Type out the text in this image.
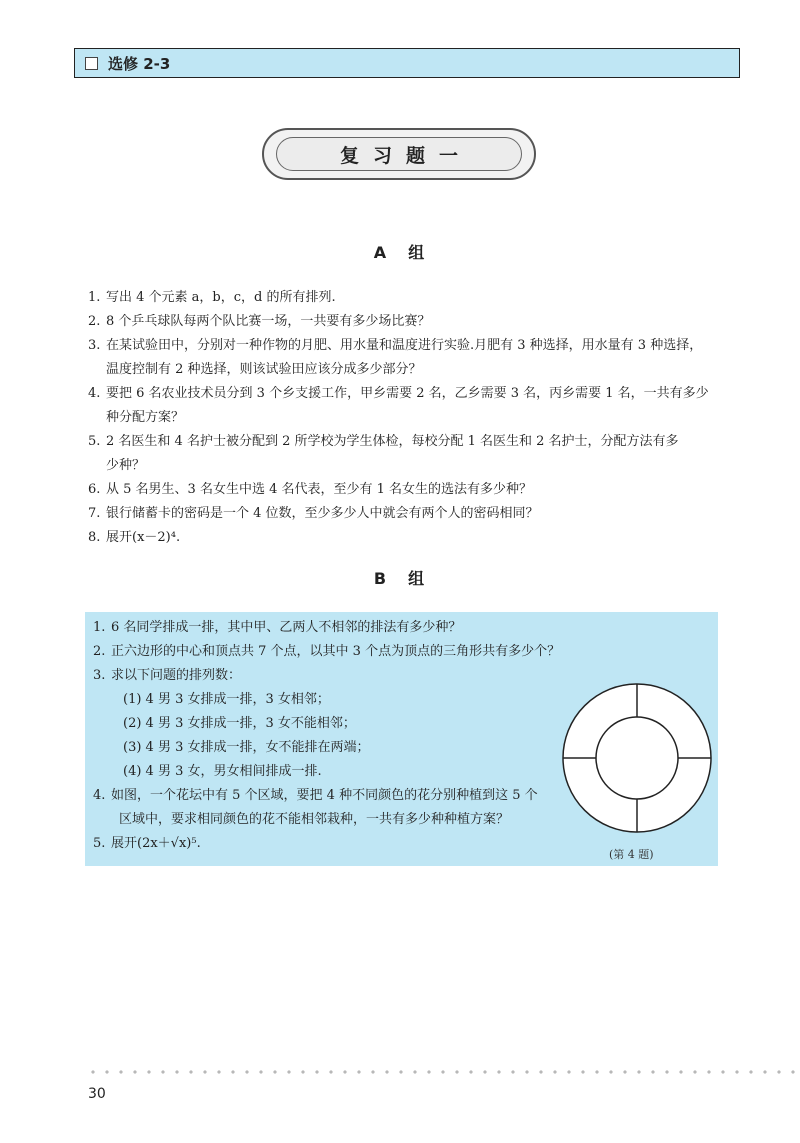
选修 2-3
复习题一
A 组
1. 写出 4 个元素 a，b，c，d 的所有排列.
2. 8 个乒乓球队每两个队比赛一场，一共要有多少场比赛？
3. 在某试验田中，分别对一种作物的月肥、用水量和温度进行实验.月肥有 3 种选择，用水量有 3 种选择，
温度控制有 2 种选择，则该试验田应该分成多少部分？
4. 要把 6 名农业技术员分到 3 个乡支援工作，甲乡需要 2 名，乙乡需要 3 名，丙乡需要 1 名，一共有多少
种分配方案？
5. 2 名医生和 4 名护士被分配到 2 所学校为学生体检，每校分配 1 名医生和 2 名护士，分配方法有多
少种？
6. 从 5 名男生、3 名女生中选 4 名代表，至少有 1 名女生的选法有多少种？
7. 银行储蓄卡的密码是一个 4 位数，至少多少人中就会有两个人的密码相同？
8. 展开(x－2)⁴.
B 组
1. 6 名同学排成一排，其中甲、乙两人不相邻的排法有多少种？
2. 正六边形的中心和顶点共 7 个点，以其中 3 个点为顶点的三角形共有多少个？
3. 求以下问题的排列数：
(1) 4 男 3 女排成一排，3 女相邻；
(2) 4 男 3 女排成一排，3 女不能相邻；
(3) 4 男 3 女排成一排，女不能排在两端；
(4) 4 男 3 女，男女相间排成一排.
4. 如图，一个花坛中有 5 个区域，要把 4 种不同颜色的花分别种植到这 5 个
区域中，要求相同颜色的花不能相邻栽种，一共有多少种种植方案？
5. 展开(2x＋√x)⁵.
(第 4 题)
30
